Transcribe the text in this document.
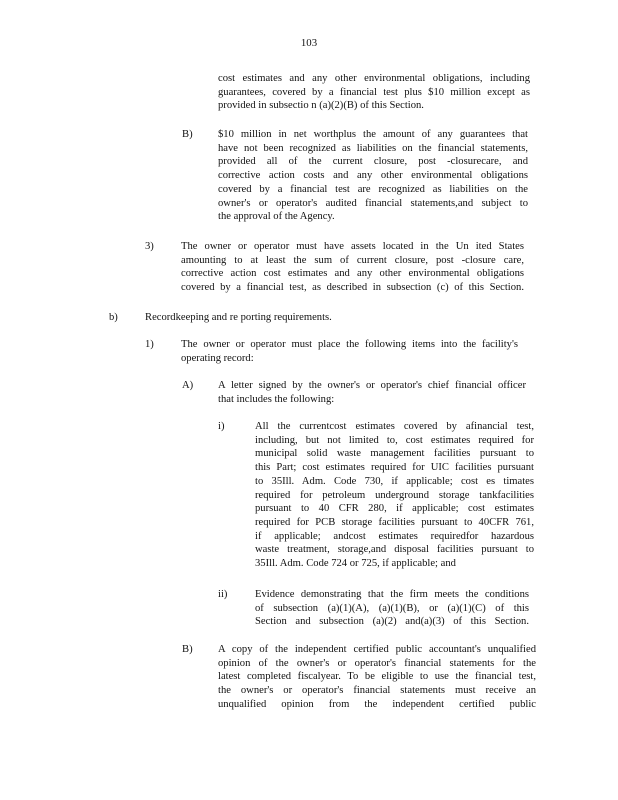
103
cost estimates and any other environmental obligations, including
guarantees, covered by a financial test plus $10 million except as
provided in subsectio n (a)(2)(B) of this Section.
B) $10 million in net worthplus the amount of any guarantees that
have not been recognized as liabilities on the financial statements,
provided all of the current closure, post -closurecare, and
corrective action costs and any other environmental obligations
covered by a financial test are recognized as liabilities on the
owner's or operator's audited financial statements,and subject to
the approval of the Agency.
3)	The owner or operator must have assets located in the Un ited States
amounting to at least the sum of current closure, post -closure care,
corrective action cost estimates and any other environmental obligations
covered by a financial test, as described in subsection (c) of this Section.
b)	Recordkeeping and re porting requirements.
1)	The owner or operator must place the following items into the facility's
operating record:
A) A letter signed by the owner's or operator's chief financial officer
that includes the following:
i)	All the currentcost estimates covered by afinancial test,
including, but not limited to, cost estimates required for
municipal solid waste management facilities pursuant to
this Part; cost estimates required for UIC facilities pursuant
to 35Ill. Adm. Code 730, if applicable; cost es timates
required for petroleum underground storage tankfacilities
pursuant to 40 CFR 280, if applicable; cost estimates
required for PCB storage facilities pursuant to 40CFR 761,
if applicable; andcost estimates requiredfor hazardous
waste treatment, storage,and disposal facilities pursuant to
35Ill. Adm. Code 724 or 725, if applicable; and
ii)	Evidence demonstrating that the firm meets the conditions
of subsection (a)(1)(A), (a)(1)(B), or (a)(1)(C) of this
Section and subsection (a)(2) and(a)(3) of this Section.
B) A copy of the independent certified public accountant's unqualified
opinion of the owner's or operator's financial statements for the
latest completed fiscalyear. To be eligible to use the financial test,
the owner's or operator's financial statements must receive an
unqualified opinion from the independent certified public
